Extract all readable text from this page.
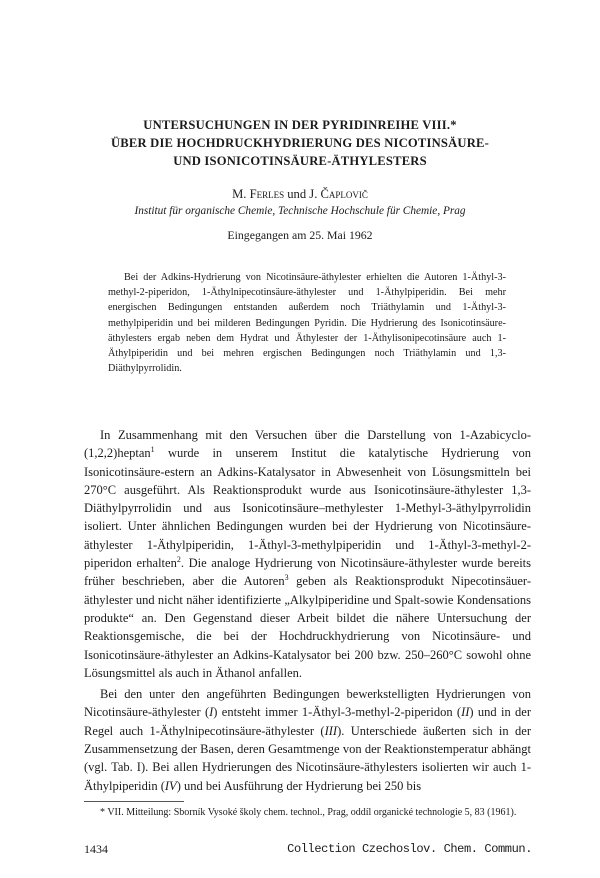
UNTERSUCHUNGEN IN DER PYRIDINREIHE VIII.*

ÜBER DIE HOCHDRUCKHYDRIERUNG DES NICOTINSÄURE-

UND ISONICOTINSÄURE-ÄTHYLESTERS

M. Ferles und J. Čaplovič
Institut für organische Chemie, Technische Hochschule für Chemie, Prag
Eingegangen am 25. Mai 1962

Bei der Adkins-Hydrierung von Nicotinsäure-äthylester erhielten die Autoren 1-Äthyl-3-methyl-2-piperidon, 1-Äthylnipecotinsäure-äthylester und 1-Äthylpiperidin. Bei mehr energischen Bedingungen entstanden außerdem noch Triäthylamin und 1-Äthyl-3-methylpiperidin und bei milderen Bedingungen Pyridin. Die Hydrierung des Isonicotinsäure-äthylesters ergab neben dem Hydrat und Äthylester der 1-Äthylisonipecotinsäure auch 1-Äthylpiperidin und bei mehren ergischen Bedingungen noch Triäthylamin und 1,3-Diäthylpyrrolidin.

In Zusammenhang mit den Versuchen über die Darstellung von 1-Azabicyclo-(1,2,2)heptan$^1$ wurde in unserem Institut die katalytische Hydrierung von Isonicotinsäure-estern an Adkins-Katalysator in Abwesenheit von Lösungsmitteln bei 270°C ausgeführt. Als Reaktionsprodukt wurde aus Isonicotinsäure-äthylester 1,3-Diäthylpyrrolidin und aus Isonicotinsäure–methylester 1-Methyl-3-äthylpyrrolidin isoliert. Unter ähnlichen Bedingungen wurden bei der Hydrierung von Nicotinsäure-äthylester 1-Äthylpiperidin, 1-Äthyl-3-methylpiperidin und 1-Äthyl-3-methyl-2-piperidon erhalten$^2$. Die analoge Hydrierung von Nicotinsäure-äthylester wurde bereits früher beschrieben, aber die Autoren$^3$ geben als Reaktionsprodukt Nipecotinsäuer-äthylester und nicht näher identifizierte „Alkylpiperidine und Spalt-sowie Kondensations produkte“ an. Den Gegenstand dieser Arbeit bildet die nähere Untersuchung der Reaktionsgemische, die bei der Hochdruckhydrierung von Nicotinsäure- und Isonicotinsäure-äthylester an Adkins-Katalysator bei 200 bzw. 250–260°C sowohl ohne Lösungsmittel als auch in Äthanol anfallen.

Bei den unter den angeführten Bedingungen bewerkstelligten Hydrierungen von Nicotinsäure-äthylester (I) entsteht immer 1-Äthyl-3-methyl-2-piperidon (II) und in der Regel auch 1-Äthylnipecotinsäure-äthylester (III). Unterschiede äußerten sich in der Zusammensetzung der Basen, deren Gesamtmenge von der Reaktionstemperatur abhängt (vgl. Tab. I). Bei allen Hydrierungen des Nicotinsäure-äthylesters isolierten wir auch 1-Äthylpiperidin (IV) und bei Ausführung der Hydrierung bei 250 bis

* VII. Mitteilung: Sborník Vysoké školy chem. technol., Prag, oddíl organické technologie 5, 83 (1961).

1434	Collection Czechoslov. Chem. Commun.
